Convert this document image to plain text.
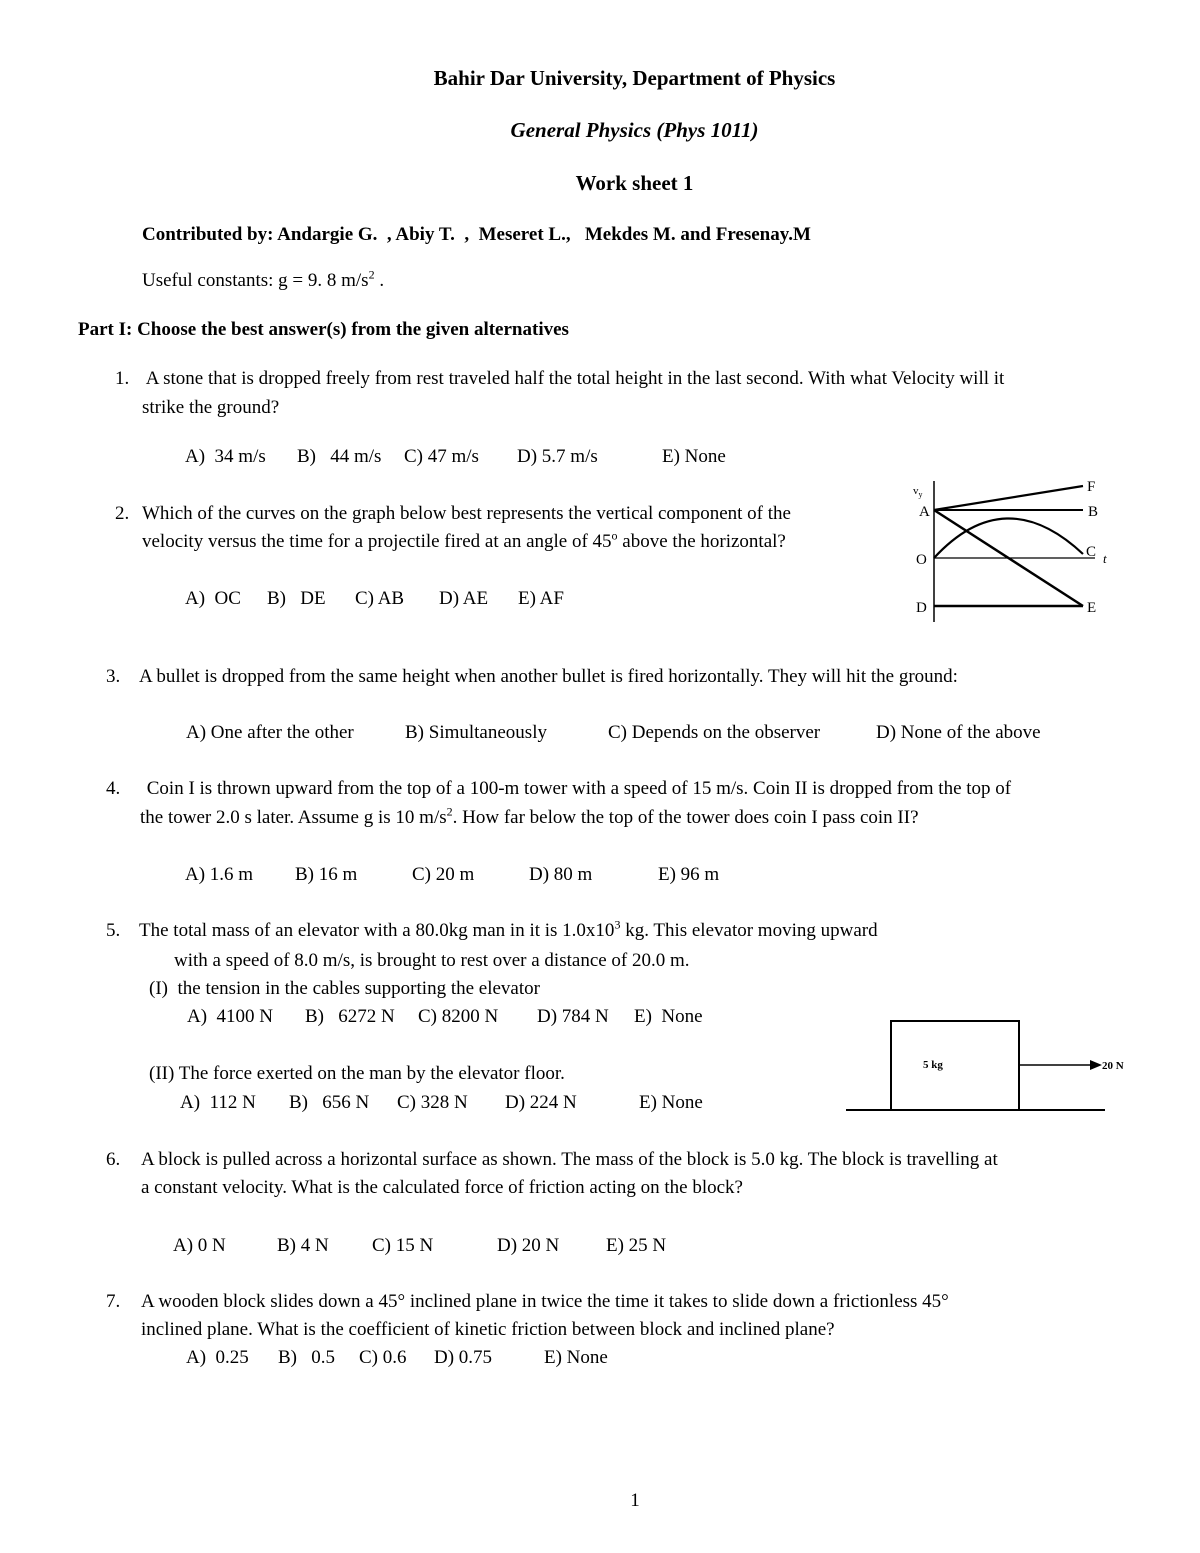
Bahir Dar University, Department of Physics
General Physics (Phys 1011)
Work sheet 1
Contributed by: Andargie G.  , Abiy T.  ,  Meseret L.,   Mekdes M. and Fresenay.M
Useful constants: g = 9. 8 $m/s^2$ .
Part I: Choose the best answer(s) from the given alternatives
1. A stone that is dropped freely from rest traveled half the total height in the last second. With what Velocity will it
strike the ground?
A)  34 m/s B)   44 m/s C) 47 m/s D) 5.7 m/s	E) None
2. Which of the curves on the graph below best represents the vertical component of the
velocity versus the time for a projectile fired at an angle of 45$^o$ above the horizontal?
A)  OC B)   DE C) AB D) AE E) AF
$v_y$
A
O
D
B
C t
E
F
3. A bullet is dropped from the same height when another bullet is fired horizontally. They will hit the ground:
A) One after the other	B) Simultaneously	C) Depends on the observer	D) None of the above
4. Coin I is thrown upward from the top of a 100-m tower with a speed of 15 m/s. Coin II is dropped from the top of
the tower 2.0 s later. Assume g is 10 $m/s^2$. How far below the top of the tower does coin I pass coin II?
A) 1.6 m B) 16 m	C) 20 m	D) 80 m	E) 96 m
5. The total mass of an elevator with a 80.0kg man in it is $1.0x10^3$ kg. This elevator moving upward
with a speed of 8.0 m/s, is brought to rest over a distance of 20.0 m.
(I)  the tension in the cables supporting the elevator
A)  4100 N B)   6272 N C) 8200 N D) 784 N E)  None
(II) The force exerted on the man by the elevator floor.
A)  112 N B)   656 N C) 328 N D) 224 N	E) None
5 kg	20 N
6. A block is pulled across a horizontal surface as shown. The mass of the block is 5.0 kg. The block is travelling at
a constant velocity. What is the calculated force of friction acting on the block?
A) 0 N	B) 4 N C) 15 N	D) 20 N E) 25 N
7. A wooden block slides down a 45° inclined plane in twice the time it takes to slide down a frictionless 45°
inclined plane. What is the coefficient of kinetic friction between block and inclined plane?
A)  0.25 B)   0.5 C) 0.6 D) 0.75	E) None
1
